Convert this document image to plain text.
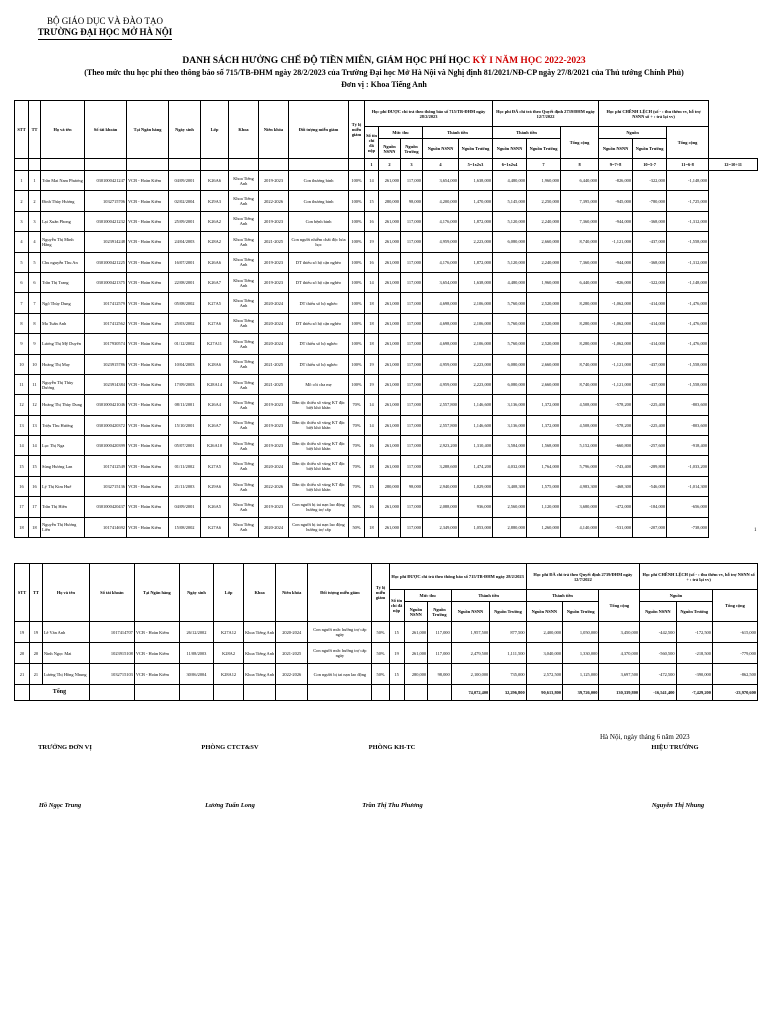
BỘ GIÁO DỤC VÀ ĐÀO TẠO
TRƯỜNG ĐẠI HỌC MỞ HÀ NỘI
DANH SÁCH HƯỞNG CHẾ ĐỘ TIỀN MIỄN, GIẢM HỌC PHÍ HỌC KỲ I NĂM HỌC 2022-2023
(Theo mức thu học phí theo thông báo số 715/TB-ĐHM ngày 28/2/2023 của Trường Đại học Mở Hà Nội và Nghị định 81/2021/NĐ-CP ngày 27/8/2021 của Thủ tướng Chính Phủ)
Đơn vị : Khoa Tiếng Anh
STT	TT	Họ và tên	Số tài khoản	Tại Ngân hàng	Ngày sinh	Lớp	Khoa	Niên khóa	Đối tượng miễn giảm	Tỷ lệ miễn giảm	Học phí ĐƯỢC chi trả theo thông báo số 715/TB-ĐHM ngày 28/2/2023					Học phí ĐÃ chi trả theo Quyết định 2739/ĐHM ngày 12/7/2022			Học phí CHÊNH LỆCH (số - : thu thêm vv, hỗ trợ NSNN số + : trả lại vv)			
											Số tín chỉ đã nộp	Mức thu		Thành tiền		Thành tiền		Tổng cộng	Nguồn		Tổng cộng	
												Nguồn NSNN	Nguồn Trường	Nguồn NSNN	Nguồn Trường	Nguồn NSNN	Nguồn Trường		Nguồn NSNN	Nguồn Trường		
											1	2	3	4	5=1x2x3	6=1x2x4	7	8	9=7+8	10=5-7	11=6-8	12=10+11
1	1	Trần Mai Nam Phương	0301000421247	VCB - Hoàn Kiếm	04/09/2001	K26A6	Khoa Tiếng Anh	2019-2023	Con thương binh	100%	14	261,000	117,000	3,654,000	1,638,000	4,480,000	1,960,000	6,440,000	-826,000	-322,000	-1,148,000	
2	2	Đinh Thùy Hương	1032715706	VCB - Hoàn Kiếm	02/02/2004	K29A3	Khoa Tiếng Anh	2022-2026	Con thương binh	100%	15	280,000	98,000	4,200,000	1,470,000	5,145,000	2,250,000	7,395,000	-945,000	-780,000	-1,725,000	
3	3	Lại Xuân Phong	0301000421232	VCB - Hoàn Kiếm	25/09/2001	K26A2	Khoa Tiếng Anh	2019-2023	Con bệnh binh	100%	16	261,000	117,000	4,176,000	1,872,000	5,120,000	2,240,000	7,360,000	-944,000	-368,000	-1,312,000	
4	4	Nguyễn Thị Minh Hằng	1023914248	VCB - Hoàn Kiếm	24/04/2003	K28A2	Khoa Tiếng Anh	2021-2025	Con người nhiễm chất độc hóa học	100%	19	261,000	117,000	4,959,000	2,223,000	6,080,000	2,660,000	8,740,000	-1,121,000	-437,000	-1,558,000	
5	5	Chu nguyễn Thu An	0301000421225	VCB - Hoàn Kiếm	16/07/2001	K26A6	Khoa Tiếng Anh	2019-2023	DT thiểu số hộ cận nghèo	100%	16	261,000	117,000	4,176,000	1,872,000	5,120,000	2,240,000	7,360,000	-944,000	-368,000	-1,312,000	
6	6	Trần Thị Trang	0301000421375	VCB - Hoàn Kiếm	22/08/2001	K26A7	Khoa Tiếng Anh	2019-2023	DT thiểu số hộ cận nghèo	100%	14	261,000	117,000	3,654,000	1,638,000	4,480,000	1,960,000	6,440,000	-826,000	-322,000	-1,148,000	
7	7	Ngô Thùy Dung	1017412579	VCB - Hoàn Kiếm	05/08/2002	K27A5	Khoa Tiếng Anh	2020-2024	DT thiểu số hộ nghèo	100%	18	261,000	117,000	4,698,000	2,106,000	5,760,000	2,520,000	8,280,000	-1,062,000	-414,000	-1,476,000	
8	8	Ma Tuấn Anh	1017412562	VCB - Hoàn Kiếm	25/03/2002	K27A6	Khoa Tiếng Anh	2020-2024	DT thiểu số hộ cận nghèo	100%	18	261,000	117,000	4,698,000	2,106,000	5,760,000	2,520,000	8,280,000	-1,062,000	-414,000	-1,476,000	
9	9	Lương Thị Mỹ Duyên	1017930574	VCB - Hoàn Kiếm	01/12/2002	K27A11	Khoa Tiếng Anh	2020-2024	DT thiểu số hộ nghèo	100%	18	261,000	117,000	4,698,000	2,106,000	5,760,000	2,520,000	8,280,000	-1,062,000	-414,000	-1,476,000	
10	10	Hoàng Thị May	1023915786	VCB - Hoàn Kiếm	10/04/2003	K28A6	Khoa Tiếng Anh	2021-2025	DT thiểu số hộ nghèo	100%	19	261,000	117,000	4,959,000	2,223,000	6,080,000	2,660,000	8,740,000	-1,121,000	-437,000	-1,558,000	
11	11	Nguyễn Thị Thùy Dương	1023914384	VCB - Hoàn Kiếm	17/09/2003	K28A14	Khoa Tiếng Anh	2021-2025	Mồ côi cha mẹ	100%	19	261,000	117,000	4,959,000	2,223,000	6,080,000	2,660,000	8,740,000	-1,121,000	-437,000	-1,558,000	
12	12	Hoàng Thị Thùy Dung	0301000421046	VCB - Hoàn Kiếm	08/11/2001	K26A4	Khoa Tiếng Anh	2019-2023	Dân tộc thiểu số vùng KT đặc biệt khó khăn	70%	14	261,000	117,000	2,557,800	1,146,600	3,136,000	1,372,000	4,508,000	-578,200	-225,400	-803,600	
13	13	Triệu Thu Hường	0301000420372	VCB - Hoàn Kiếm	15/10/2001	K26A7	Khoa Tiếng Anh	2019-2023	Dân tộc thiểu số vùng KT đặc biệt khó khăn	70%	14	261,000	117,000	2,557,800	1,146,600	3,136,000	1,372,000	4,508,000	-578,200	-225,400	-803,600	
14	14	Lục Thị Nga	0301000420399	VCB - Hoàn Kiếm	05/07/2001	K26A10	Khoa Tiếng Anh	2019-2023	Dân tộc thiểu số vùng KT đặc biệt khó khăn	70%	16	261,000	117,000	2,923,200	1,310,400	3,584,000	1,568,000	5,152,000	-660,800	-257,600	-918,400	
15	15	Sùng Hương Lan	1017412549	VCB - Hoàn Kiếm	01/11/2002	K27A5	Khoa Tiếng Anh	2020-2024	Dân tộc thiểu số vùng KT đặc biệt khó khăn	70%	18	261,000	117,000	3,288,600	1,474,200	4,032,000	1,764,000	5,796,000	-743,400	-289,800	-1,033,200	
16	16	Lý Thị Kim Huế	1032715136	VCB - Hoàn Kiếm	21/11/2003	K29A6	Khoa Tiếng Anh	2022-2026	Dân tộc thiểu số vùng KT đặc biệt khó khăn	70%	15	280,000	98,000	2,940,000	1,029,000	3,408,300	1,575,000	4,983,300	-468,300	-546,000	-1,014,300	
17	17	Trần Thị Hiền	0301000420437	VCB - Hoàn Kiếm	04/09/2001	K26A5	Khoa Tiếng Anh	2019-2023	Con người bị tai nạn lao động hưởng trợ cấp	50%	16	261,000	117,000	2,088,000	936,000	2,560,000	1,120,000	3,680,000	-472,000	-184,000	-656,000	
18	18	Nguyễn Thị Hương Liên	1017414692	VCB - Hoàn Kiếm	15/08/2002	K27A6	Khoa Tiếng Anh	2020-2024	Con người bị tai nạn lao động hưởng trợ cấp	50%	18	261,000	117,000	2,349,000	1,053,000	2,880,000	1,260,000	4,140,000	-531,000	-207,000	-738,000	
1
STT	TT	Họ và tên	Số tài khoản	Tại Ngân hàng	Ngày sinh	Lớp	Khoa	Niên khóa	Đối tượng miễn giảm	Tỷ lệ miễn giảm	Học phí ĐƯỢC chi trả theo thông báo số 715/TB-ĐHM ngày 28/2/2023					Học phí ĐÃ chi trả theo Quyết định 2739/ĐHM ngày 12/7/2022			Học phí CHÊNH LỆCH (số - : thu thêm vv, hỗ trợ NSNN số + : trả lại vv)		
											Số tín chỉ đã nộp	Mức thu		Thành tiền		Thành tiền		Tổng cộng	Nguồn		Tổng cộng
												Nguồn NSNN	Nguồn Trường	Nguồn NSNN	Nguồn Trường	Nguồn NSNN	Nguồn Trường		Nguồn NSNN	Nguồn Trường	
19	19	Lê Văn Anh	1017414707	VCB - Hoàn Kiếm	26/12/2002	K27A12	Khoa Tiếng Anh	2020-2024	Con người mức hưởng trợ cấp ngày	50%	15	261,000	117,000	1,957,500	877,500	2,400,000	1,050,000	3,450,000	-442,500	-172,500	-615,000
20	20	Ninh Ngọc Mai	1023915108	VCB - Hoàn Kiếm	11/08/2003	K28A2	Khoa Tiếng Anh	2021-2025	Con người mức hưởng trợ cấp ngày	50%	19	261,000	117,000	2,479,500	1,111,500	3,040,000	1,330,000	4,370,000	-560,500	-218,500	-779,000
21	21	Lương Thị Hồng Nhung	1032715103	VCB - Hoàn Kiếm	30/06/2004	K28A12	Khoa Tiếng Anh	2022-2026	Con người bị tai nạn lao động	50%	15	280,000	98,000	2,100,000	735,000	2,572,500	1,125,000	3,697,500	-472,500	-390,000	-862,500
	Tổng													74,072,400	32,296,800	90,613,800	39,726,000	130,339,800	-16,541,400	-7,429,200	-23,970,600
Hà Nội, ngày tháng 6 năm 2023
TRƯỞNG ĐƠN VỊ	PHÒNG CTCT&SV	PHÒNG KH-TC	HIỆU TRƯỞNG
Hồ Ngọc Trung	Lương Tuấn Long	Trần Thị Thu Phương	Nguyễn Thị Nhung
